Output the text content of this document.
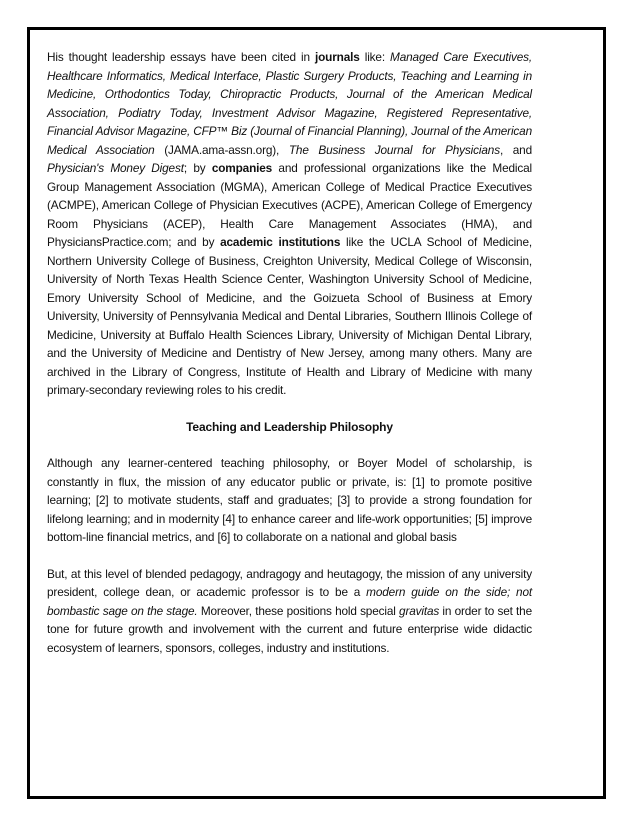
His thought leadership essays have been cited in journals like: Managed Care Executives, Healthcare Informatics, Medical Interface, Plastic Surgery Products, Teaching and Learning in Medicine, Orthodontics Today, Chiropractic Products, Journal of the American Medical Association, Podiatry Today, Investment Advisor Magazine, Registered Representative, Financial Advisor Magazine, CFP™ Biz (Journal of Financial Planning), Journal of the American Medical Association (JAMA.ama-assn.org), The Business Journal for Physicians, and Physician's Money Digest; by companies and professional organizations like the Medical Group Management Association (MGMA), American College of Medical Practice Executives (ACMPE), American College of Physician Executives (ACPE), American College of Emergency Room Physicians (ACEP), Health Care Management Associates (HMA), and PhysiciansPractice.com; and by academic institutions like the UCLA School of Medicine, Northern University College of Business, Creighton University, Medical College of Wisconsin, University of North Texas Health Science Center, Washington University School of Medicine, Emory University School of Medicine, and the Goizueta School of Business at Emory University, University of Pennsylvania Medical and Dental Libraries, Southern Illinois College of Medicine, University at Buffalo Health Sciences Library, University of Michigan Dental Library, and the University of Medicine and Dentistry of New Jersey, among many others. Many are archived in the Library of Congress, Institute of Health and Library of Medicine with many primary-secondary reviewing roles to his credit.

Teaching and Leadership Philosophy

Although any learner-centered teaching philosophy, or Boyer Model of scholarship, is constantly in flux, the mission of any educator public or private, is: [1] to promote positive learning; [2] to motivate students, staff and graduates; [3] to provide a strong foundation for lifelong learning; and in modernity [4] to enhance career and life-work opportunities; [5] improve bottom-line financial metrics, and [6] to collaborate on a national and global basis

But, at this level of blended pedagogy, andragogy and heutagogy, the mission of any university president, college dean, or academic professor is to be a modern guide on the side; not bombastic sage on the stage. Moreover, these positions hold special gravitas in order to set the tone for future growth and involvement with the current and future enterprise wide didactic ecosystem of learners, sponsors, colleges, industry and institutions.
